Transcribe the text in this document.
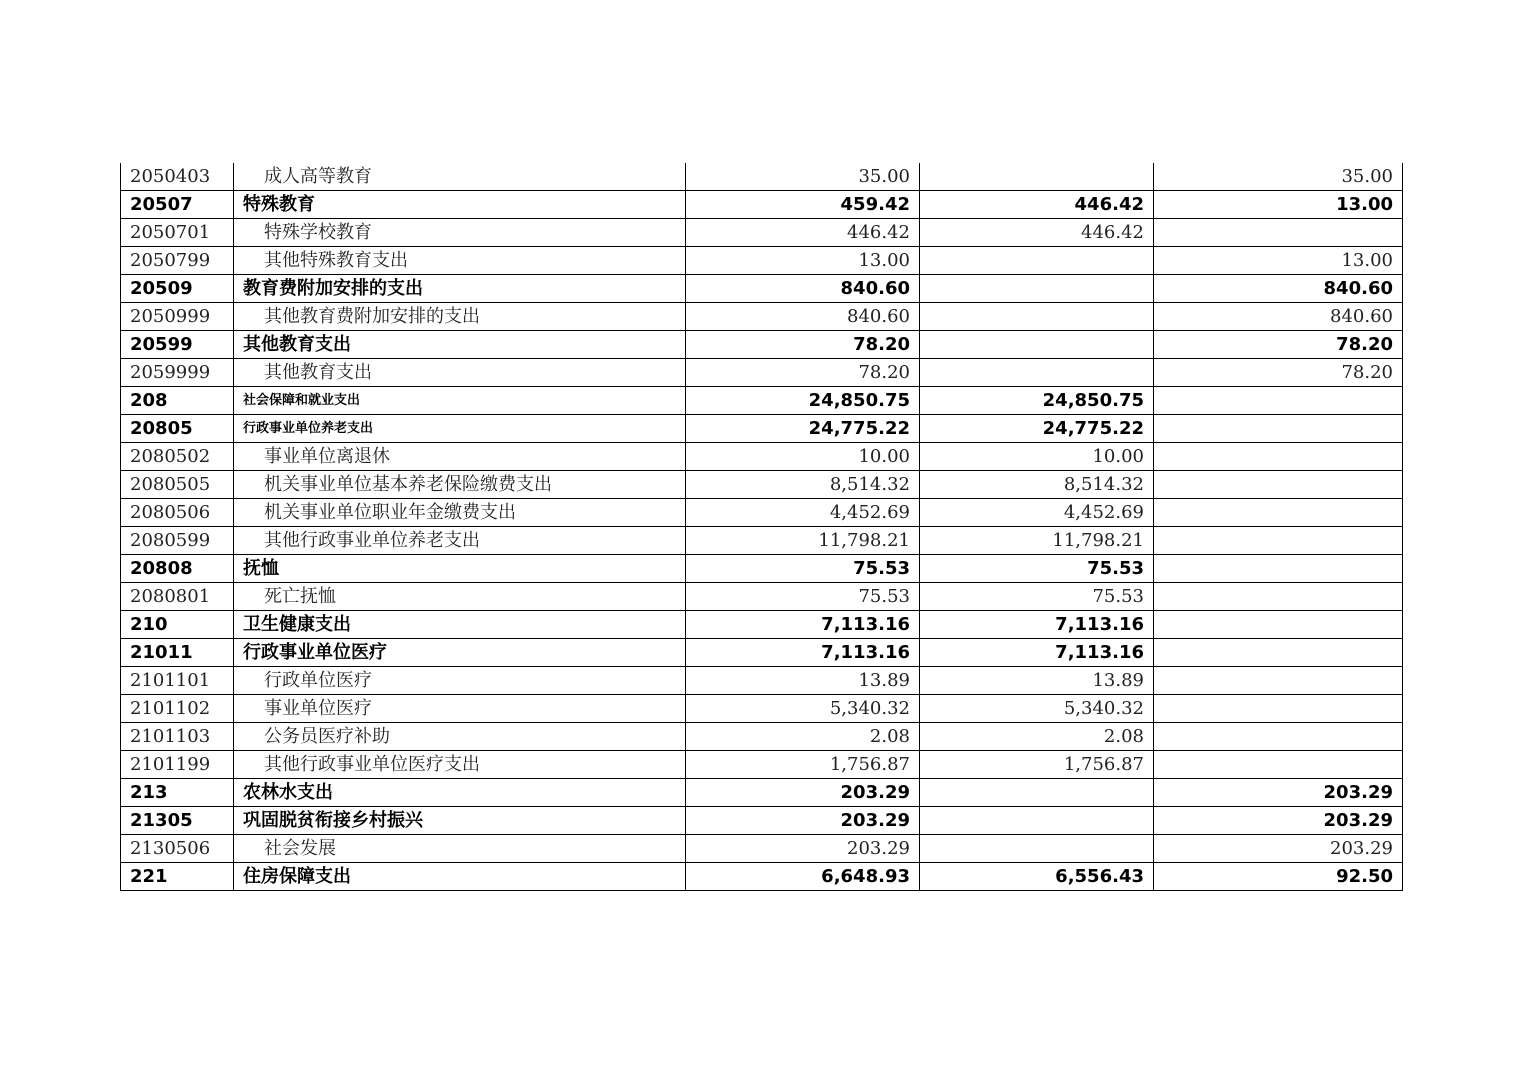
2050403	成人高等教育	35.00		35.00
20507	特殊教育	459.42	446.42	13.00
2050701	特殊学校教育	446.42	446.42	
2050799	其他特殊教育支出	13.00		13.00
20509	教育费附加安排的支出	840.60		840.60
2050999	其他教育费附加安排的支出	840.60		840.60
20599	其他教育支出	78.20		78.20
2059999	其他教育支出	78.20		78.20
208	社会保障和就业支出	24,850.75	24,850.75	
20805	行政事业单位养老支出	24,775.22	24,775.22	
2080502	事业单位离退休	10.00	10.00	
2080505	机关事业单位基本养老保险缴费支出	8,514.32	8,514.32	
2080506	机关事业单位职业年金缴费支出	4,452.69	4,452.69	
2080599	其他行政事业单位养老支出	11,798.21	11,798.21	
20808	抚恤	75.53	75.53	
2080801	死亡抚恤	75.53	75.53	
210	卫生健康支出	7,113.16	7,113.16	
21011	行政事业单位医疗	7,113.16	7,113.16	
2101101	行政单位医疗	13.89	13.89	
2101102	事业单位医疗	5,340.32	5,340.32	
2101103	公务员医疗补助	2.08	2.08	
2101199	其他行政事业单位医疗支出	1,756.87	1,756.87	
213	农林水支出	203.29		203.29
21305	巩固脱贫衔接乡村振兴	203.29		203.29
2130506	社会发展	203.29		203.29
221	住房保障支出	6,648.93	6,556.43	92.50
